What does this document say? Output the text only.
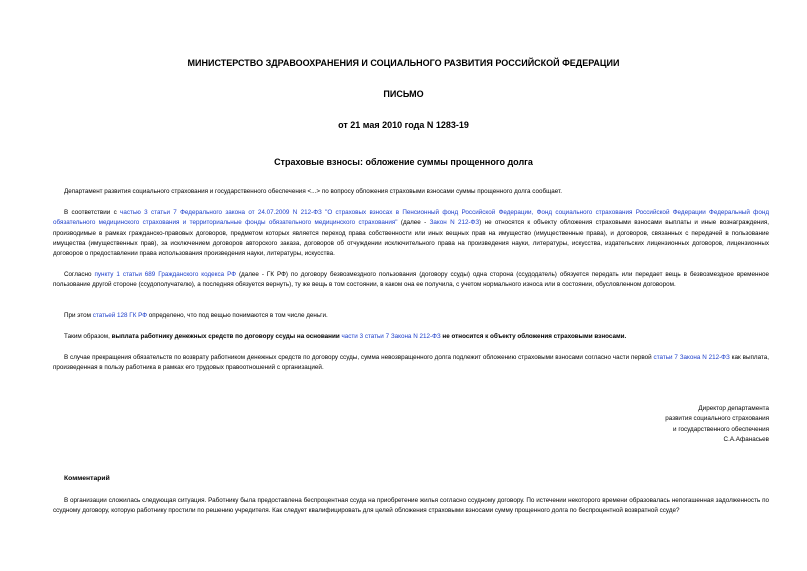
МИНИСТЕРСТВО ЗДРАВООХРАНЕНИЯ И СОЦИАЛЬНОГО РАЗВИТИЯ РОССИЙСКОЙ ФЕДЕРАЦИИ
ПИСЬМО
от 21 мая 2010 года N 1283-19
Страховые взносы: обложение суммы прощенного долга

Департамент развития социального страхования и государственного обеспечения <...> по вопросу обложения страховыми взносами суммы прощенного долга сообщает.

В соответствии с частью 3 статьи 7 Федерального закона от 24.07.2009 N 212-ФЗ "О страховых взносах в Пенсионный фонд Российской Федерации, Фонд социального страхования Российской Федерации Федеральный фонд обязательного медицинского страхования и территориальные фонды обязательного медицинского страхования" (далее - Закон N 212-ФЗ) не относятся к объекту обложения страховыми взносами выплаты и иные вознаграждения, производимые в рамках гражданско-правовых договоров, предметом которых является переход права собственности или иных вещных прав на имущество (имущественные права), и договоров, связанных с передачей в пользование имущества (имущественных прав), за исключением договоров авторского заказа, договоров об отчуждении исключительного права на произведения науки, литературы, искусства, издательских лицензионных договоров, лицензионных договоров о предоставлении права использования произведения науки, литературы, искусства.

Согласно пункту 1 статьи 689 Гражданского кодекса РФ (далее - ГК РФ) по договору безвозмездного пользования (договору ссуды) одна сторона (ссудодатель) обязуется передать или передает вещь в безвозмездное временное пользование другой стороне (ссудополучателю), а последняя обязуется вернуть), ту же вещь в том состоянии, в каком она ее получила, с учетом нормального износа или в состоянии, обусловленном договором.

При этом статьей 128 ГК РФ определено, что под вещью понимаются в том числе деньги.

Таким образом, выплата работнику денежных средств по договору ссуды на основании части 3 статьи 7 Закона N 212-ФЗ не относится к объекту обложения страховыми взносами.

В случае прекращения обязательств по возврату работником денежных средств по договору ссуды, сумма невозвращенного долга подлежит обложению страховыми взносами согласно части первой статьи 7 Закона N 212-ФЗ как выплата, произведенная в пользу работника в рамках его трудовых правоотношений с организацией.

Директор департамента
развития социального страхования
и государственного обеспечения
С.А.Афанасьев
Комментарий

В организации сложилась следующая ситуация. Работнику была предоставлена беспроцентная ссуда на приобретение жилья согласно ссудному договору. По истечении некоторого времени образовалась непогашенная задолженность по ссудному договору, которую работнику простили по решению учредителя. Как следует квалифицировать для целей обложения страховыми взносами сумму прощенного долга по беспроцентной возвратной ссуде?
